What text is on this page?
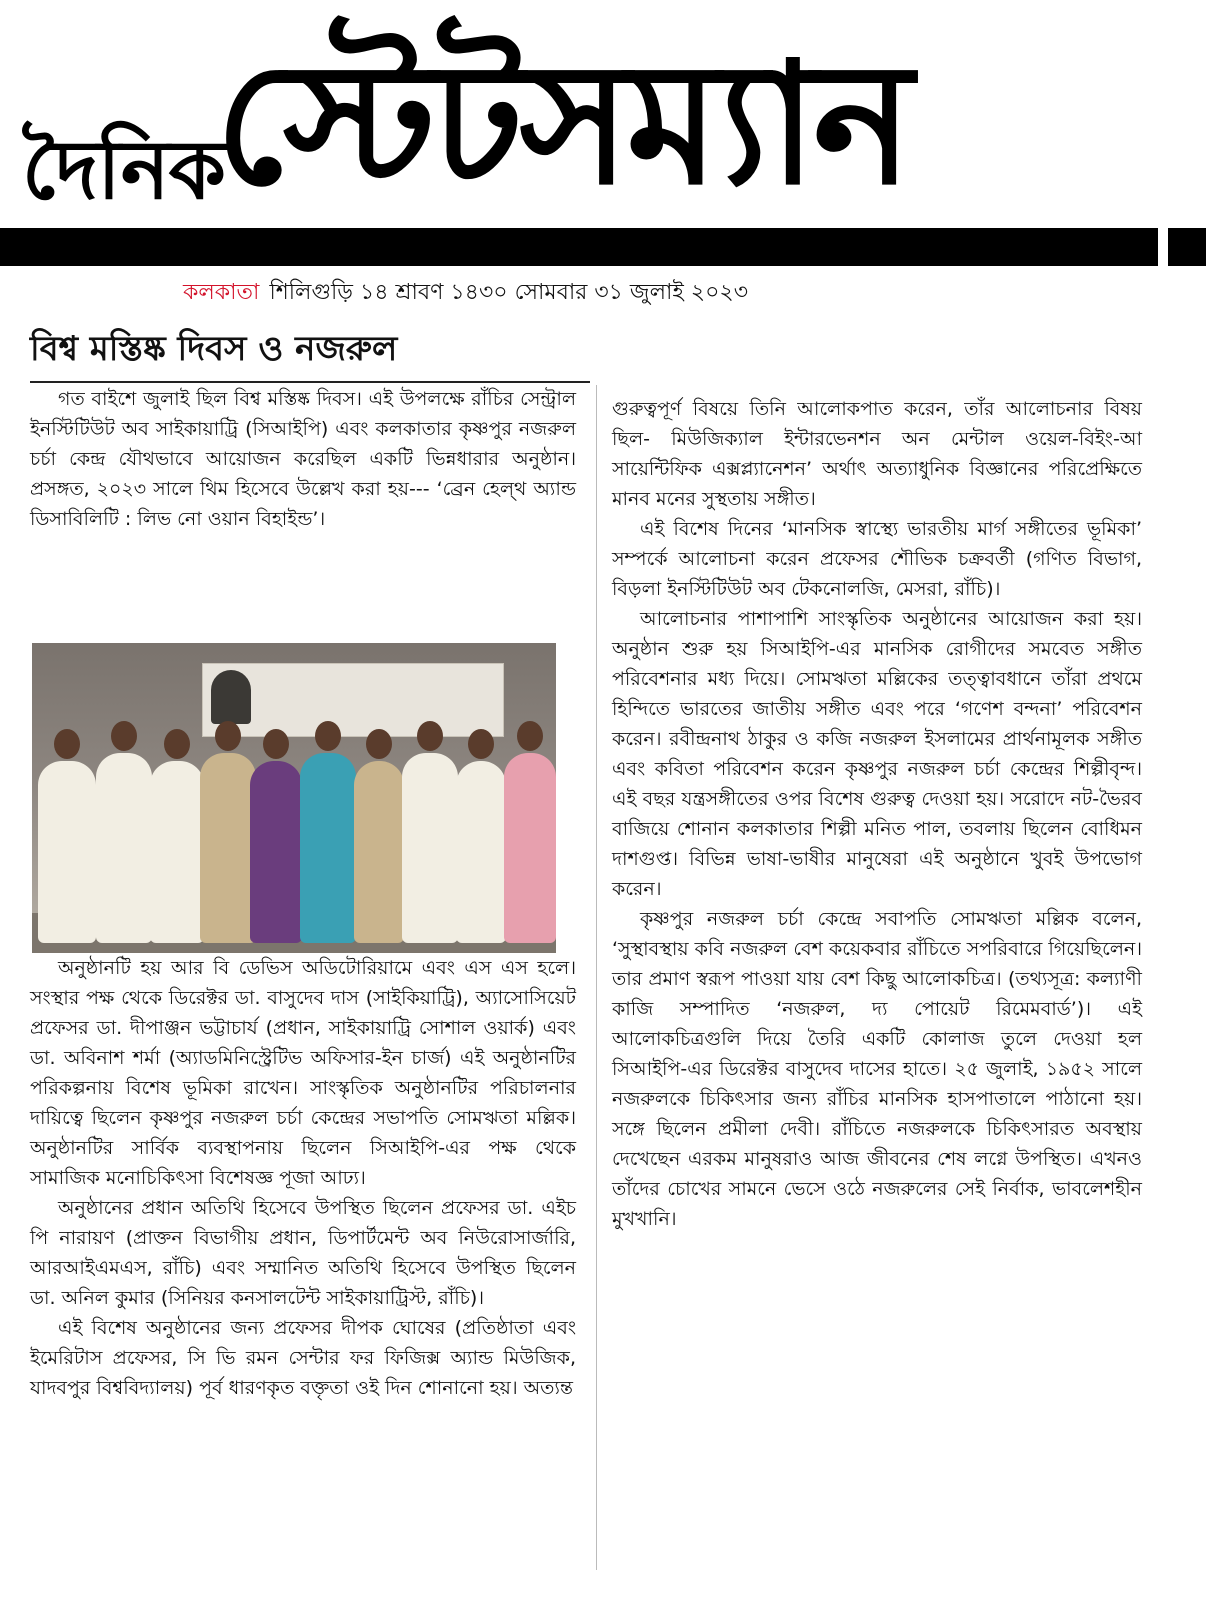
দৈনিক
স্টেটসম্যান
কলকাতা শিলিগুড়ি ১৪ শ্রাবণ ১৪৩০ সোমবার ৩১ জুলাই ২০২৩
বিশ্ব মস্তিষ্ক দিবস ও নজরুল

গত বাইশে জুলাই ছিল বিশ্ব মস্তিষ্ক দিবস। এই উপলক্ষে রাঁচির সেন্ট্রাল ইনস্টিটিউট অব সাইকায়াট্রি (সিআইপি) এবং কলকাতার কৃষ্ণপুর নজরুল চর্চা কেন্দ্র যৌথভাবে আয়োজন করেছিল একটি ভিন্নধারার অনুষ্ঠান। প্রসঙ্গত, ২০২৩ সালে থিম হিসেবে উল্লেখ করা হয়--- ‘ব্রেন হেল্থ অ্যান্ড ডিসাবিলিটি : লিভ নো ওয়ান বিহাইন্ড’।

অনুষ্ঠানটি হয় আর বি ডেভিস অডিটোরিয়ামে এবং এস এস হলে। সংস্থার পক্ষ থেকে ডিরেক্টর ডা. বাসুদেব দাস (সাইকিয়াট্রি), অ্যাসোসিয়েট প্রফেসর ডা. দীপাঞ্জন ভট্টাচার্য (প্রধান, সাইকায়াট্রি সোশাল ওয়ার্ক) এবং ডা. অবিনাশ শর্মা (অ্যাডমিনিস্ট্রেটিভ অফিসার-ইন চার্জ) এই অনুষ্ঠানটির পরিকল্পনায় বিশেষ ভূমিকা রাখেন। সাংস্কৃতিক অনুষ্ঠানটির পরিচালনার দায়িত্বে ছিলেন কৃষ্ণপুর নজরুল চর্চা কেন্দ্রের সভাপতি সোমঋতা মল্লিক। অনুষ্ঠানটির সার্বিক ব্যবস্থাপনায় ছিলেন সিআইপি-এর পক্ষ থেকে সামাজিক মনোচিকিৎসা বিশেষজ্ঞ পূজা আঢ্য।

অনুষ্ঠানের প্রধান অতিথি হিসেবে উপস্থিত ছিলেন প্রফেসর ডা. এইচ পি নারায়ণ (প্রাক্তন বিভাগীয় প্রধান, ডিপার্টমেন্ট অব নিউরোসার্জারি, আরআইএমএস, রাঁচি) এবং সম্মানিত অতিথি হিসেবে উপস্থিত ছিলেন ডা. অনিল কুমার (সিনিয়র কনসালটেন্ট সাইকায়াট্রিস্ট, রাঁচি)।

এই বিশেষ অনুষ্ঠানের জন্য প্রফেসর দীপক ঘোষের (প্রতিষ্ঠাতা এবং ইমেরিটাস প্রফেসর, সি ভি রমন সেন্টার ফর ফিজিক্স অ্যান্ড মিউজিক, যাদবপুর বিশ্ববিদ্যালয়) পূর্ব ধারণকৃত বক্তৃতা ওই দিন শোনানো হয়। অত্যন্ত

গুরুত্বপূর্ণ বিষয়ে তিনি আলোকপাত করেন, তাঁর আলোচনার বিষয় ছিল- মিউজিক্যাল ইন্টারভেনশন অন মেন্টাল ওয়েল-বিইং-আ সায়েন্টিফিক এক্সপ্ল্যানেশন’ অর্থাৎ অত্যাধুনিক বিজ্ঞানের পরিপ্রেক্ষিতে মানব মনের সুস্থতায় সঙ্গীত।

এই বিশেষ দিনের ‘মানসিক স্বাস্থ্যে ভারতীয় মার্গ সঙ্গীতের ভূমিকা’ সম্পর্কে আলোচনা করেন প্রফেসর শৌভিক চক্রবর্তী (গণিত বিভাগ, বিড়লা ইনস্টিটিউট অব টেকনোলজি, মেসরা, রাঁচি)।

আলোচনার পাশাপাশি সাংস্কৃতিক অনুষ্ঠানের আয়োজন করা হয়। অনুষ্ঠান শুরু হয় সিআইপি-এর মানসিক রোগীদের সমবেত সঙ্গীত পরিবেশনার মধ্য দিয়ে। সোমঋতা মল্লিকের তত্ত্বাবধানে তাঁরা প্রথমে হিন্দিতে ভারতের জাতীয় সঙ্গীত এবং পরে ‘গণেশ বন্দনা’ পরিবেশন করেন। রবীন্দ্রনাথ ঠাকুর ও কজি নজরুল ইসলামের প্রার্থনামূলক সঙ্গীত এবং কবিতা পরিবেশন করেন কৃষ্ণপুর নজরুল চর্চা কেন্দ্রের শিল্পীবৃন্দ। এই বছর যন্ত্রসঙ্গীতের ওপর বিশেষ গুরুত্ব দেওয়া হয়। সরোদে নট-ভৈরব বাজিয়ে শোনান কলকাতার শিল্পী মনিত পাল, তবলায় ছিলেন বোধিমন দাশগুপ্ত। বিভিন্ন ভাষা-ভাষীর মানুষেরা এই অনুষ্ঠানে খুবই উপভোগ করেন।

কৃষ্ণপুর নজরুল চর্চা কেন্দ্রে সবাপতি সোমঋতা মল্লিক বলেন, ‘সুস্থাবস্থায় কবি নজরুল বেশ কয়েকবার রাঁচিতে সপরিবারে গিয়েছিলেন। তার প্রমাণ স্বরূপ পাওয়া যায় বেশ কিছু আলোকচিত্র। (তথ্যসূত্র: কল্যাণী কাজি সম্পাদিত ‘নজরুল, দ্য পোয়েট রিমেমবার্ড’)। এই আলোকচিত্রগুলি দিয়ে তৈরি একটি কোলাজ তুলে দেওয়া হল সিআইপি-এর ডিরেক্টর বাসুদেব দাসের হাতে। ২৫ জুলাই, ১৯৫২ সালে নজরুলকে চিকিৎসার জন্য রাঁচির মানসিক হাসপাতালে পাঠানো হয়। সঙ্গে ছিলেন প্রমীলা দেবী। রাঁচিতে নজরুলকে চিকিৎসারত অবস্থায় দেখেছেন এরকম মানুষরাও আজ জীবনের শেষ লগ্নে উপস্থিত। এখনও তাঁদের চোখের সামনে ভেসে ওঠে নজরুলের সেই নির্বাক, ভাবলেশহীন মুখখানি।
